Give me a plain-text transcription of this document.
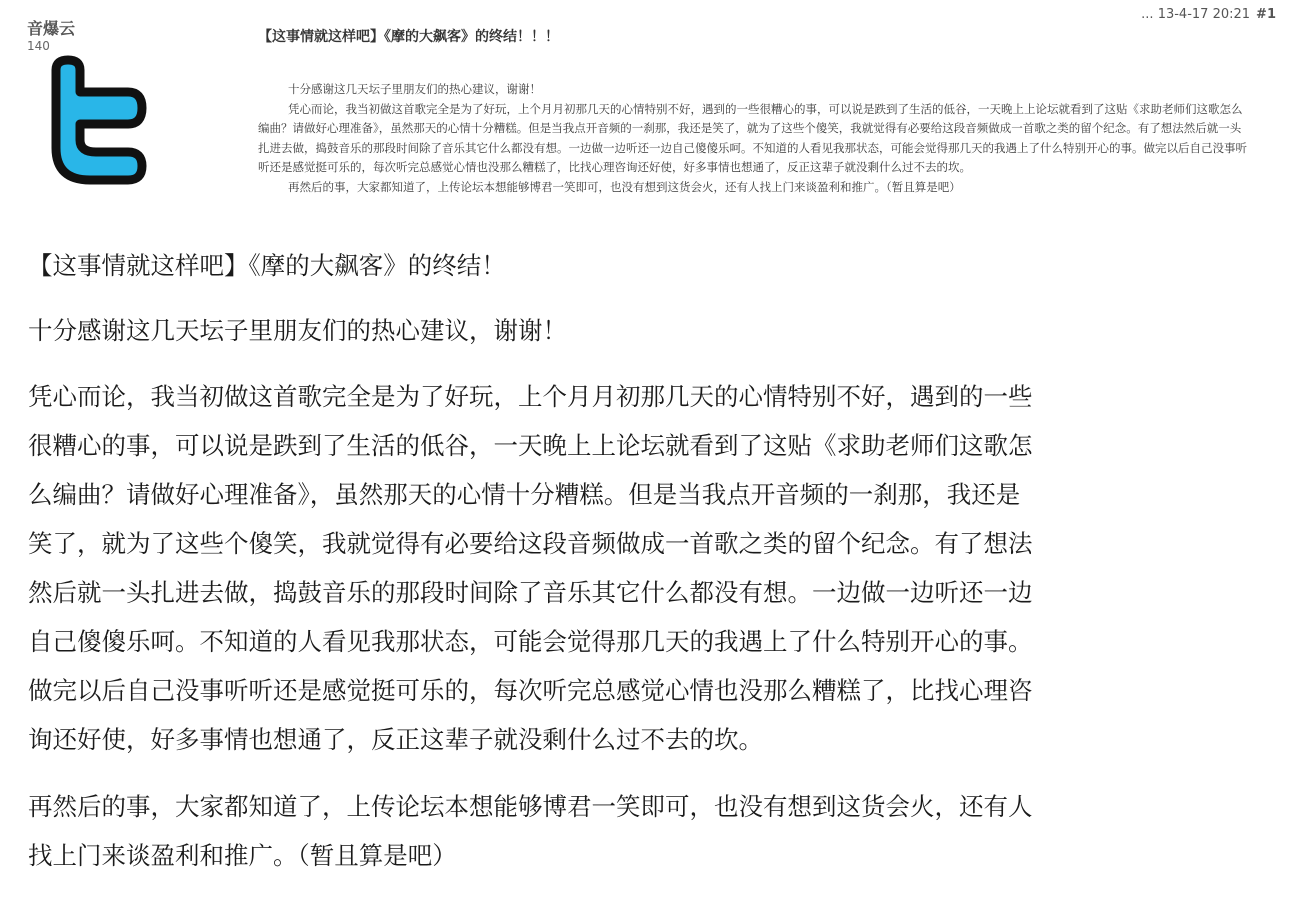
音爆云
140
... 13-4-17 20:21 #1
【这事情就这样吧】《摩的大飙客》的终结！！！

十分感谢这几天坛子里朋友们的热心建议，谢谢！

凭心而论，我当初做这首歌完全是为了好玩，上个月月初那几天的心情特别不好，遇到的一些很糟心的事，可以说是跌到了生活的低谷，一天晚上上论坛就看到了这贴《求助老师们这歌怎么编曲？请做好心理准备》，虽然那天的心情十分糟糕。但是当我点开音频的一刹那，我还是笑了，就为了这些个傻笑，我就觉得有必要给这段音频做成一首歌之类的留个纪念。有了想法然后就一头扎进去做，捣鼓音乐的那段时间除了音乐其它什么都没有想。一边做一边听还一边自己傻傻乐呵。不知道的人看见我那状态，可能会觉得那几天的我遇上了什么特别开心的事。做完以后自己没事听听还是感觉挺可乐的，每次听完总感觉心情也没那么糟糕了，比找心理咨询还好使，好多事情也想通了，反正这辈子就没剩什么过不去的坎。

再然后的事，大家都知道了，上传论坛本想能够博君一笑即可，也没有想到这货会火，还有人找上门来谈盈利和推广。（暂且算是吧）

【这事情就这样吧】《摩的大飙客》的终结！

十分感谢这几天坛子里朋友们的热心建议，谢谢！

凭心而论，我当初做这首歌完全是为了好玩，上个月月初那几天的心情特别不好，遇到的一些

很糟心的事，可以说是跌到了生活的低谷，一天晚上上论坛就看到了这贴《求助老师们这歌怎

么编曲？请做好心理准备》，虽然那天的心情十分糟糕。但是当我点开音频的一刹那，我还是

笑了，就为了这些个傻笑，我就觉得有必要给这段音频做成一首歌之类的留个纪念。有了想法

然后就一头扎进去做，捣鼓音乐的那段时间除了音乐其它什么都没有想。一边做一边听还一边

自己傻傻乐呵。不知道的人看见我那状态，可能会觉得那几天的我遇上了什么特别开心的事。

做完以后自己没事听听还是感觉挺可乐的，每次听完总感觉心情也没那么糟糕了，比找心理咨

询还好使，好多事情也想通了，反正这辈子就没剩什么过不去的坎。

再然后的事，大家都知道了，上传论坛本想能够博君一笑即可，也没有想到这货会火，还有人

找上门来谈盈利和推广。（暂且算是吧）
